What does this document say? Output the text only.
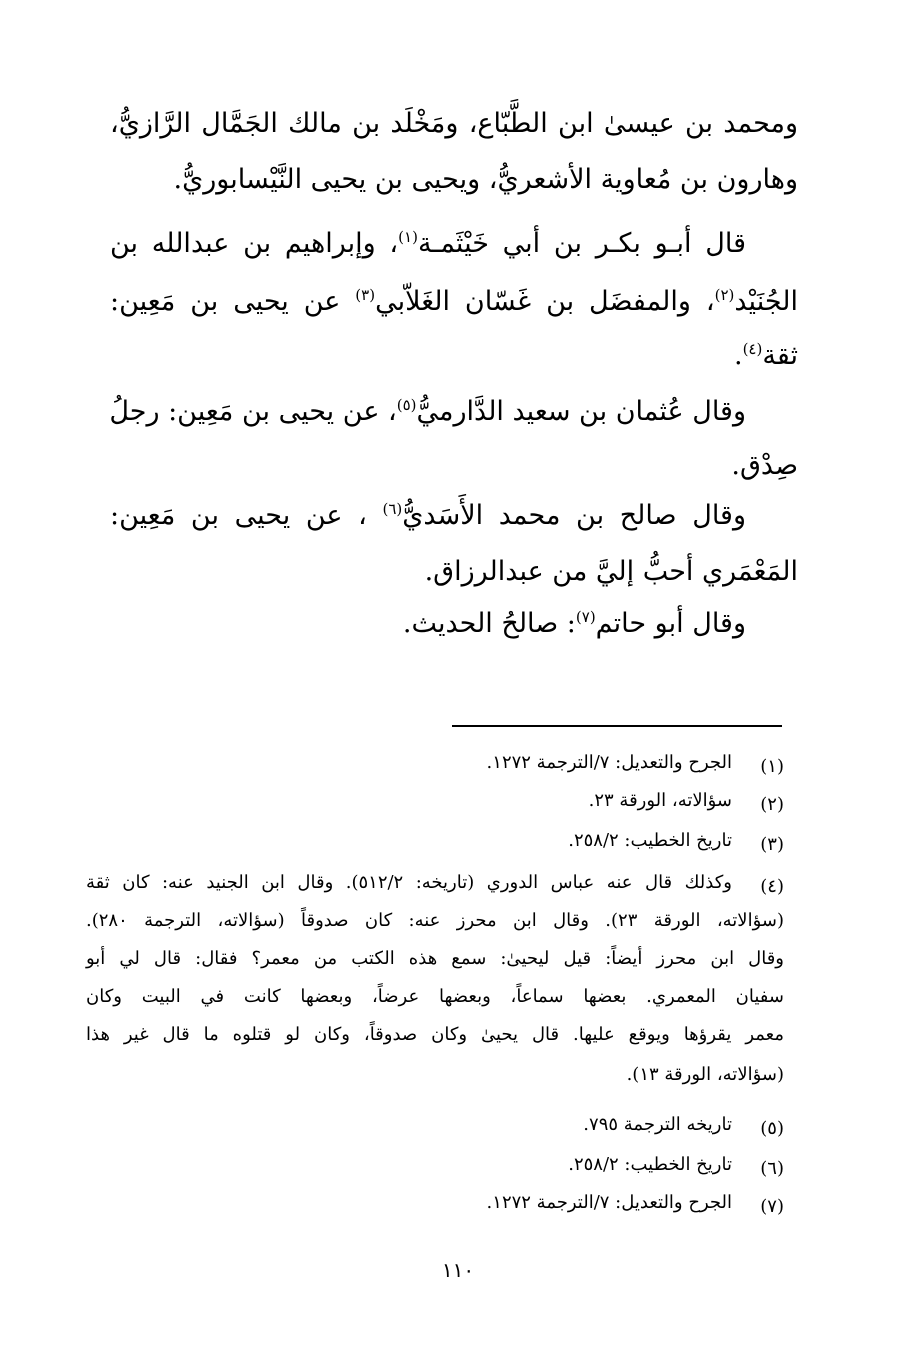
ومحمد بن عيسىٰ ابن الطَّبّاع، ومَخْلَد بن مالك الجَمَّال الرَّازيُّ،
وهارون بن مُعاوية الأشعريُّ، ويحيى بن يحيى النَّيْسابوريُّ.
قال أبـو بكـر بن أبي خَيْثَمـة$^{(١)}$، وإبراهيم بن عبدالله بن
الجُنَيْد$^{(٢)}$، والمفضَل بن غَسّان الغَلاّبي$^{(٣)}$ عن يحيى بن مَعِين:
ثقة$^{(٤)}$.
وقال عُثمان بن سعيد الدَّارميُّ$^{(٥)}$، عن يحيى بن مَعِين: رجلُ
صِدْق.
وقال صالح بن محمد الأَسَديُّ$^{(٦)}$ ، عن يحيى بن مَعِين:
المَعْمَري أحبُّ إليَّ من عبدالرزاق.
وقال أبو حاتم$^{(٧)}$: صالحُ الحديث.
(١)
الجرح والتعديل: ٧/الترجمة ١٢٧٢.
(٢)
سؤالاته، الورقة ٢٣.
(٣)
تاريخ الخطيب: ٢٥٨/٢.
(٤)
وكذلك قال عنه عباس الدوري (تاريخه: ٥١٢/٢). وقال ابن الجنيد عنه: كان ثقة
(سؤالاته، الورقة ٢٣). وقال ابن محرز عنه: كان صدوقاً (سؤالاته، الترجمة ٢٨٠).
وقال ابن محرز أيضاً: قيل ليحيىٰ: سمع هذه الكتب من معمر؟ فقال: قال لي أبو
سفيان المعمري. بعضها سماعاً، وبعضها عرضاً، وبعضها كانت في البيت وكان
معمر يقرؤها ويوقع عليها. قال يحيىٰ وكان صدوقاً، وكان لو قتلوه ما قال غير هذا
(سؤالاته، الورقة ١٣).
(٥)
تاريخه الترجمة ٧٩٥.
(٦)
تاريخ الخطيب: ٢٥٨/٢.
(٧)
الجرح والتعديل: ٧/الترجمة ١٢٧٢.
١١٠
